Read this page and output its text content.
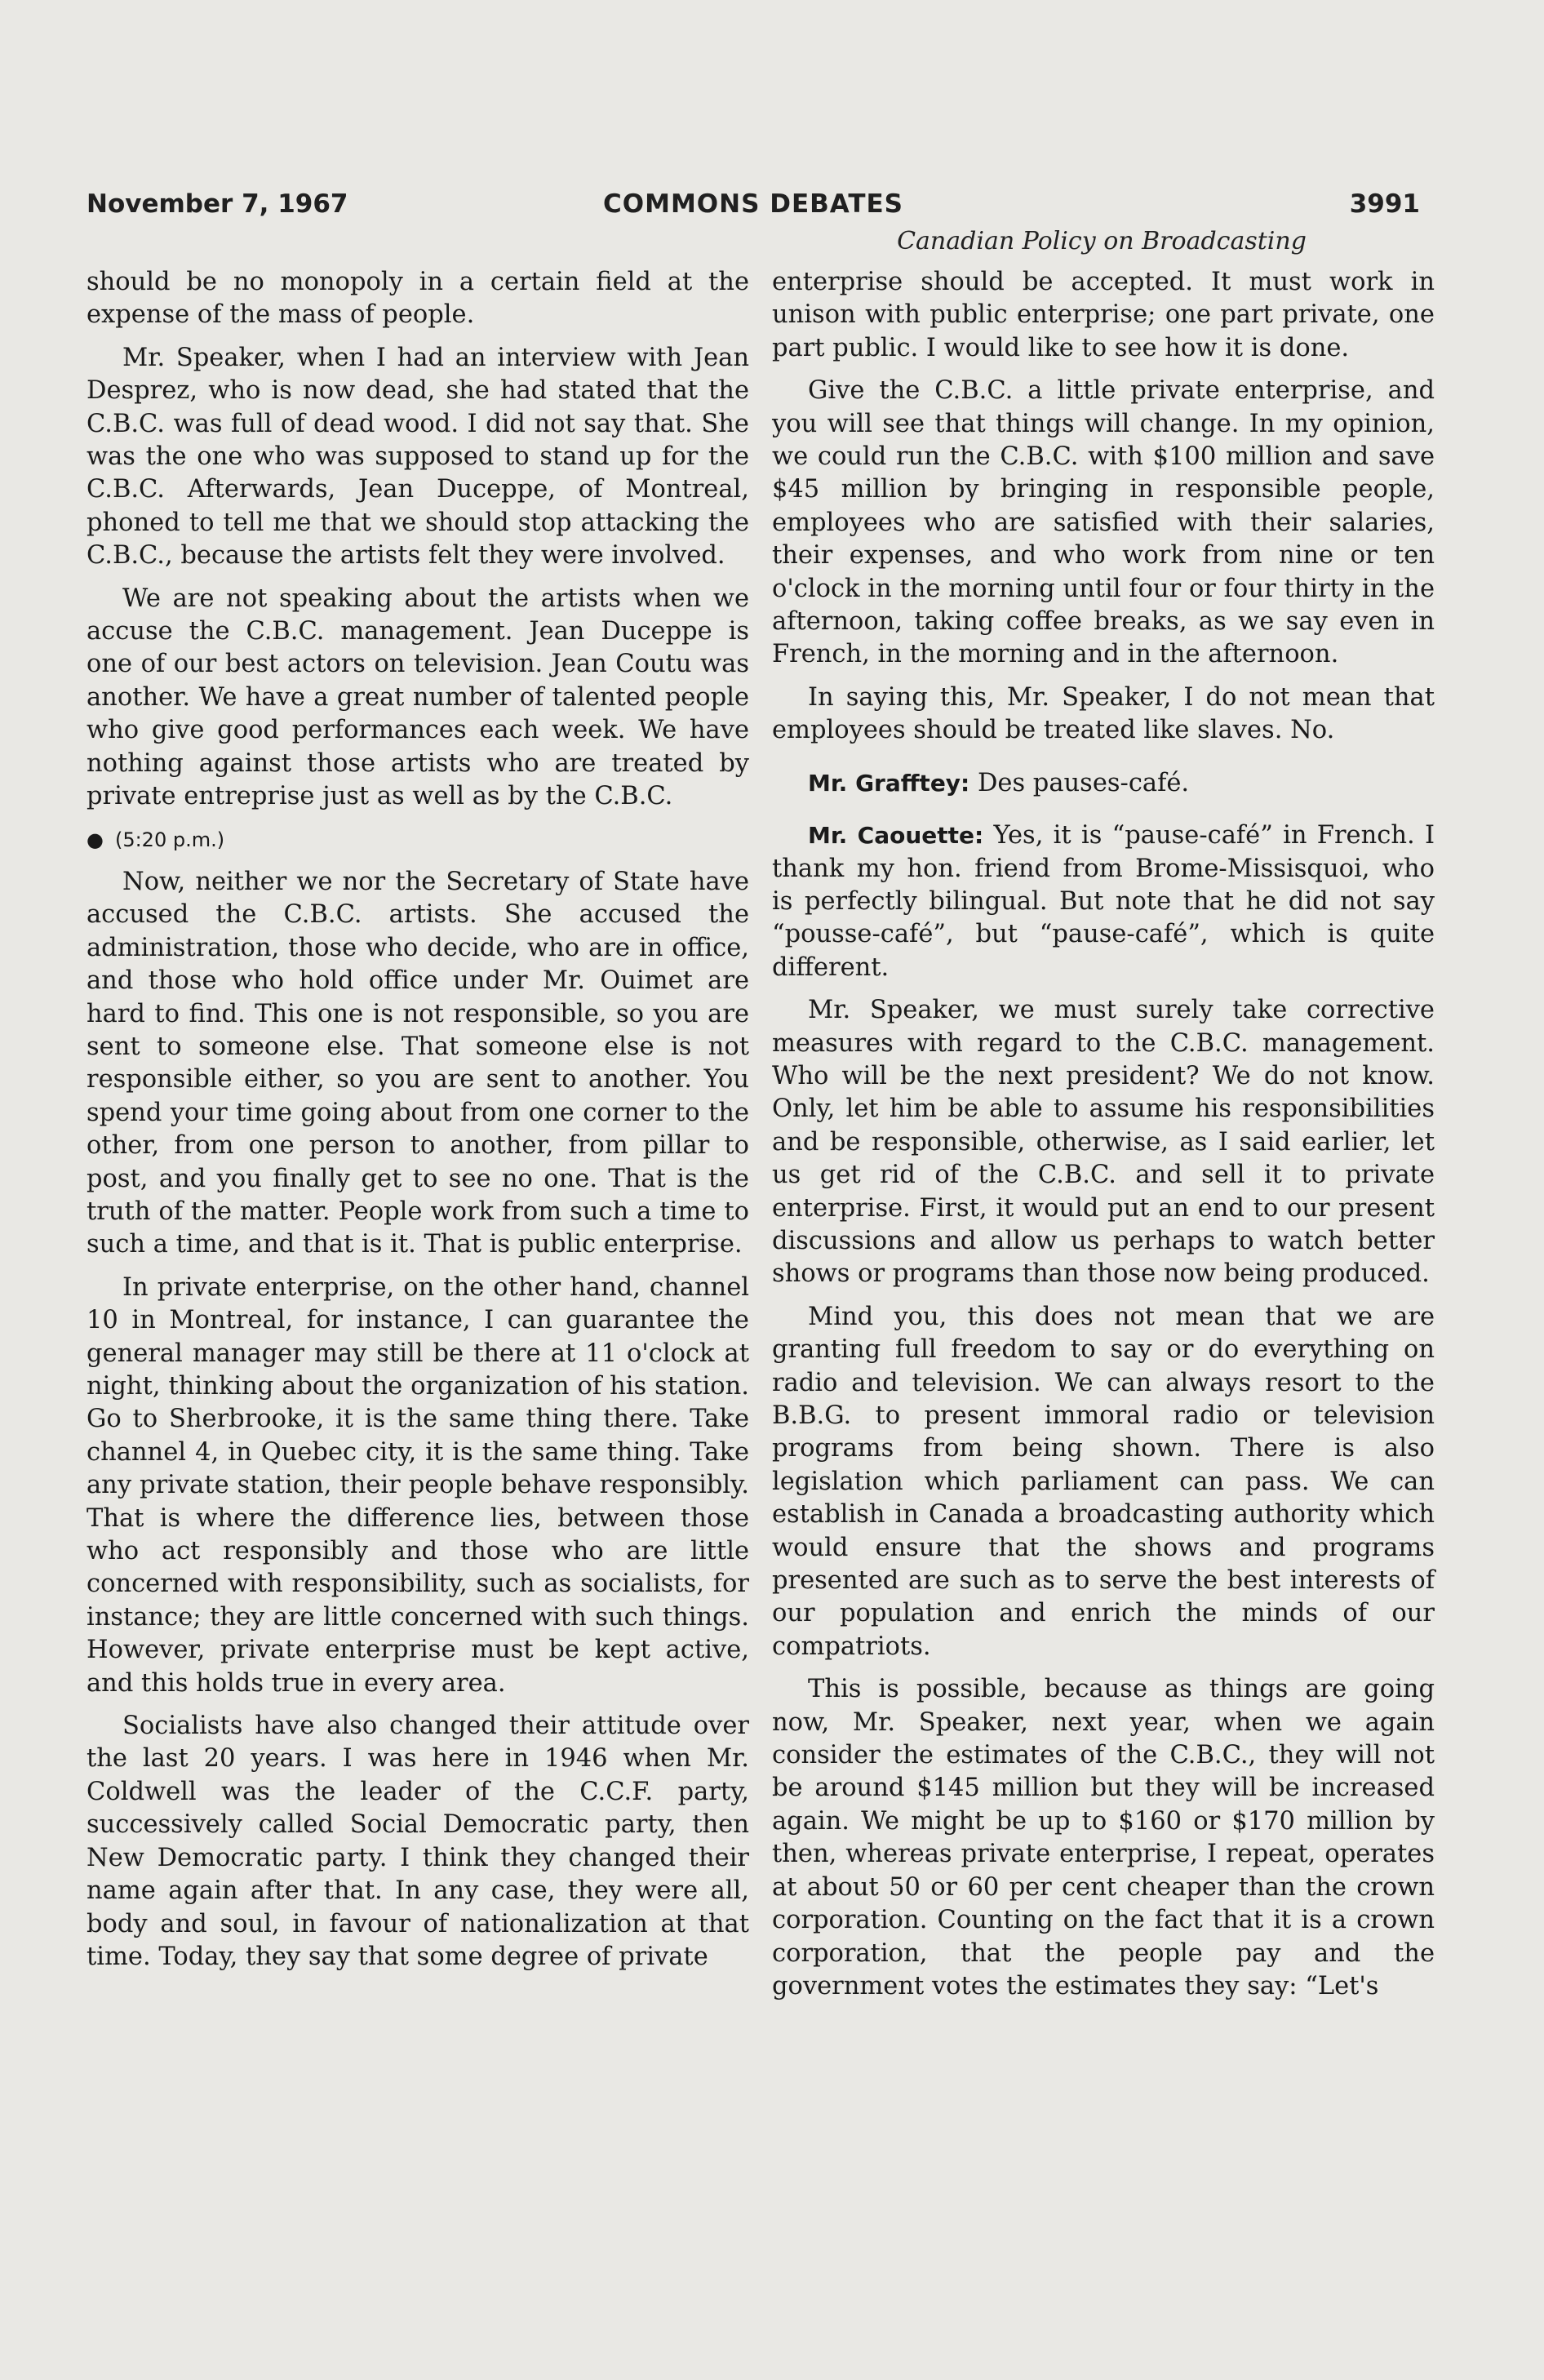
November 7, 1967	COMMONS DEBATES	3991
Canadian Policy on Broadcasting

should be no monopoly in a certain field at the expense of the mass of people.

Mr. Speaker, when I had an interview with Jean Desprez, who is now dead, she had stated that the C.B.C. was full of dead wood. I did not say that. She was the one who was supposed to stand up for the C.B.C. Afterwards, Jean Duceppe, of Montreal, phoned to tell me that we should stop attacking the C.B.C., because the artists felt they were involved.

We are not speaking about the artists when we accuse the C.B.C. management. Jean Duceppe is one of our best actors on television. Jean Coutu was another. We have a great number of talented people who give good performances each week. We have nothing against those artists who are treated by private entreprise just as well as by the C.B.C.

● (5:20 p.m.)

Now, neither we nor the Secretary of State have accused the C.B.C. artists. She accused the administration, those who decide, who are in office, and those who hold office under Mr. Ouimet are hard to find. This one is not responsible, so you are sent to someone else. That someone else is not responsible either, so you are sent to another. You spend your time going about from one corner to the other, from one person to another, from pillar to post, and you finally get to see no one. That is the truth of the matter. People work from such a time to such a time, and that is it. That is public enterprise.

In private enterprise, on the other hand, channel 10 in Montreal, for instance, I can guarantee the general manager may still be there at 11 o'clock at night, thinking about the organization of his station. Go to Sherbrooke, it is the same thing there. Take channel 4, in Quebec city, it is the same thing. Take any private station, their people behave responsibly. That is where the difference lies, between those who act responsibly and those who are little concerned with responsibility, such as socialists, for instance; they are little concerned with such things. However, private enterprise must be kept active, and this holds true in every area.

Socialists have also changed their attitude over the last 20 years. I was here in 1946 when Mr. Coldwell was the leader of the C.C.F. party, successively called Social Democratic party, then New Democratic party. I think they changed their name again after that. In any case, they were all, body and soul, in favour of nationalization at that time. Today, they say that some degree of private

enterprise should be accepted. It must work in unison with public enterprise; one part private, one part public. I would like to see how it is done.

Give the C.B.C. a little private enterprise, and you will see that things will change. In my opinion, we could run the C.B.C. with $100 million and save $45 million by bringing in responsible people, employees who are satisfied with their salaries, their expenses, and who work from nine or ten o'clock in the morning until four or four thirty in the afternoon, taking coffee breaks, as we say even in French, in the morning and in the afternoon.

In saying this, Mr. Speaker, I do not mean that employees should be treated like slaves. No.

Mr. Grafftey: Des pauses-café.

Mr. Caouette: Yes, it is “pause-café” in French. I thank my hon. friend from Brome-Missisquoi, who is perfectly bilingual. But note that he did not say “pousse-café”, but “pause-café”, which is quite different.

Mr. Speaker, we must surely take corrective measures with regard to the C.B.C. management. Who will be the next president? We do not know. Only, let him be able to assume his responsibilities and be responsible, otherwise, as I said earlier, let us get rid of the C.B.C. and sell it to private enterprise. First, it would put an end to our present discussions and allow us perhaps to watch better shows or programs than those now being produced.

Mind you, this does not mean that we are granting full freedom to say or do everything on radio and television. We can always resort to the B.B.G. to present immoral radio or television programs from being shown. There is also legislation which parliament can pass. We can establish in Canada a broadcasting authority which would ensure that the shows and programs presented are such as to serve the best interests of our population and enrich the minds of our compatriots.

This is possible, because as things are going now, Mr. Speaker, next year, when we again consider the estimates of the C.B.C., they will not be around $145 million but they will be increased again. We might be up to $160 or $170 million by then, whereas private enterprise, I repeat, operates at about 50 or 60 per cent cheaper than the crown corporation. Counting on the fact that it is a crown corporation, that the people pay and the government votes the estimates they say: “Let's
